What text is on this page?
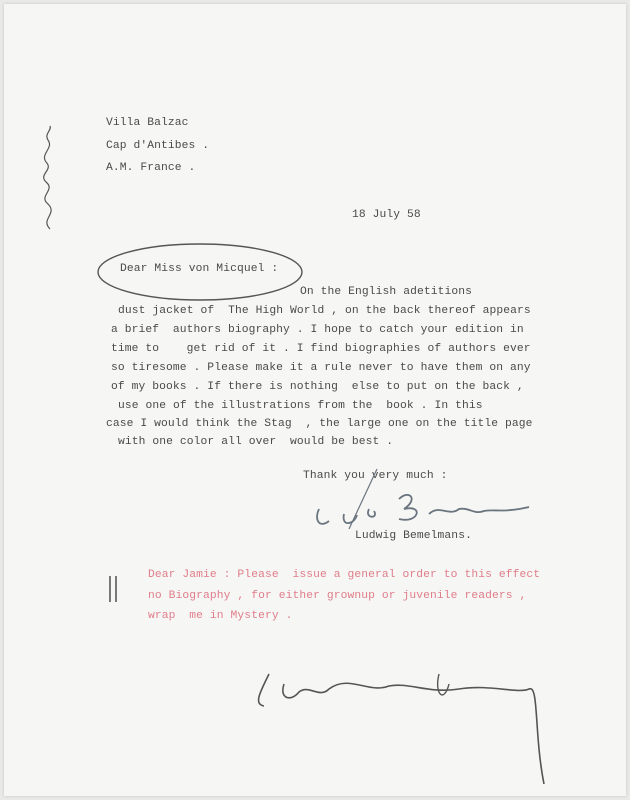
Villa Balzac
Cap d'Antibes .
A.M. France .
18 July 58
Dear Miss von Micquel :
On the English adetitions
dust jacket of  The High World , on the back thereof appears
a brief  authors biography . I hope to catch your edition in
time to    get rid of it . I find biographies of authors ever
so tiresome . Please make it a rule never to have them on any
of my books . If there is nothing  else to put on the back ,
use one of the illustrations from the  book . In this
case I would think the Stag  , the large one on the title page
with one color all over  would be best .
Thank you very much :
Ludwig Bemelmans.
Dear Jamie : Please  issue a general order to this effect
no Biography , for either grownup or juvenile readers ,
wrap  me in Mystery .
